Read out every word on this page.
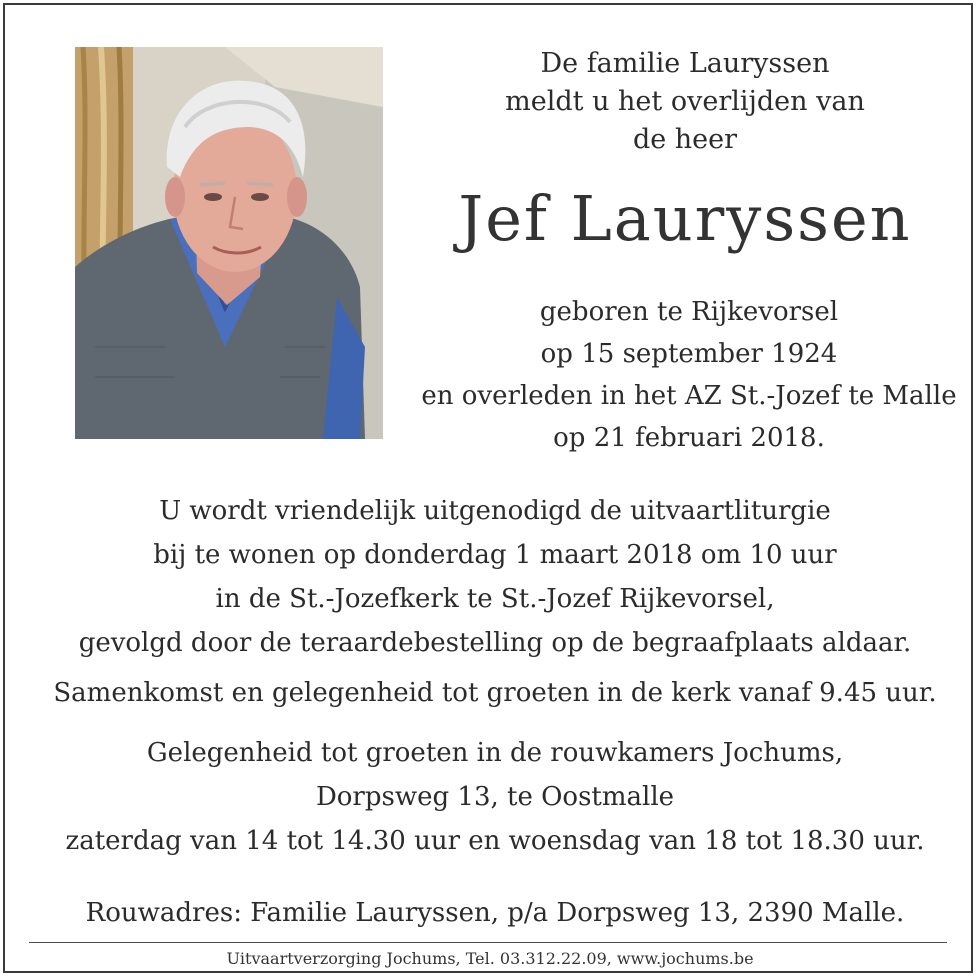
De familie Lauryssen
meldt u het overlijden van
de heer
Jef Lauryssen
geboren te Rijkevorsel
op 15 september 1924
en overleden in het AZ St.-Jozef te Malle
op 21 februari 2018.
U wordt vriendelijk uitgenodigd de uitvaartliturgie
bij te wonen op donderdag 1 maart 2018 om 10 uur
in de St.-Jozefkerk te St.-Jozef Rijkevorsel,
gevolgd door de teraardebestelling op de begraafplaats aldaar.
Samenkomst en gelegenheid tot groeten in de kerk vanaf 9.45 uur.
Gelegenheid tot groeten in de rouwkamers Jochums,
Dorpsweg 13, te Oostmalle
zaterdag van 14 tot 14.30 uur en woensdag van 18 tot 18.30 uur.
Rouwadres: Familie Lauryssen, p/a Dorpsweg 13, 2390 Malle.
Uitvaartverzorging Jochums, Tel. 03.312.22.09, www.jochums.be
